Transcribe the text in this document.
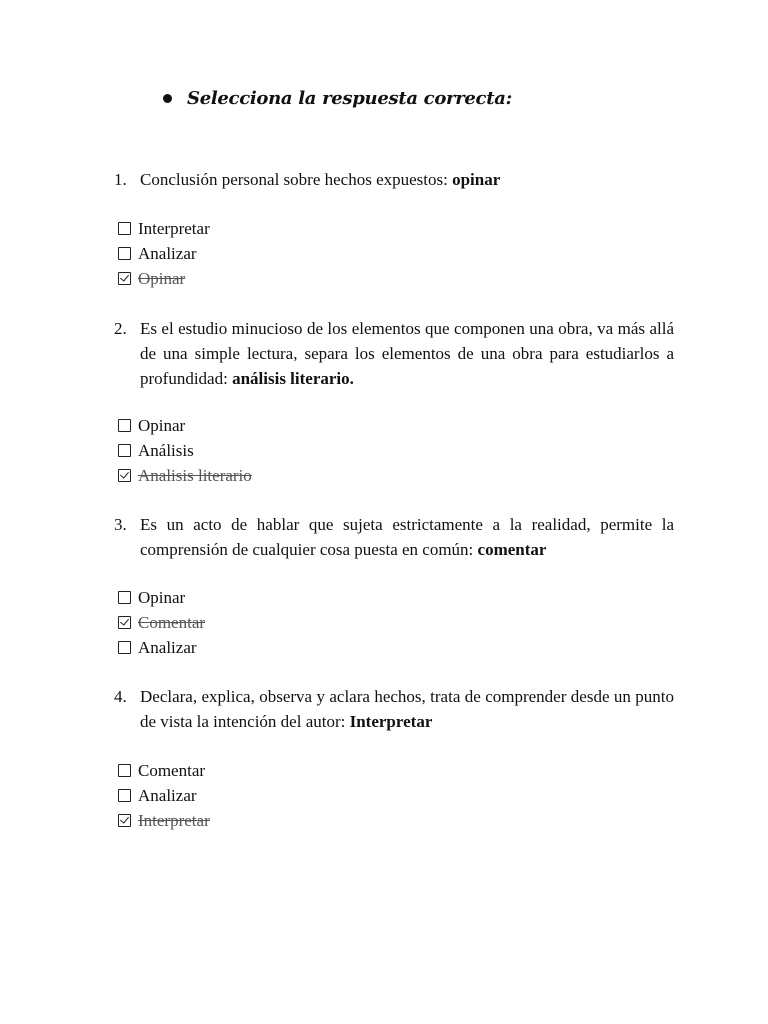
Selecciona la respuesta correcta:
1. Conclusión personal sobre hechos expuestos: opinar
Interpretar
Analizar
Opinar
2. Es el estudio minucioso de los elementos que componen una obra, va más allá de una simple lectura, separa los elementos de una obra para estudiarlos a profundidad: análisis literario.
Opinar
Análisis
Analisis literario
3. Es un acto de hablar que sujeta estrictamente a la realidad, permite la comprensión de cualquier cosa puesta en común: comentar
Opinar
Comentar
Analizar
4. Declara, explica, observa y aclara hechos, trata de comprender desde un punto de vista la intención del autor: Interpretar
Comentar
Analizar
Interpretar
